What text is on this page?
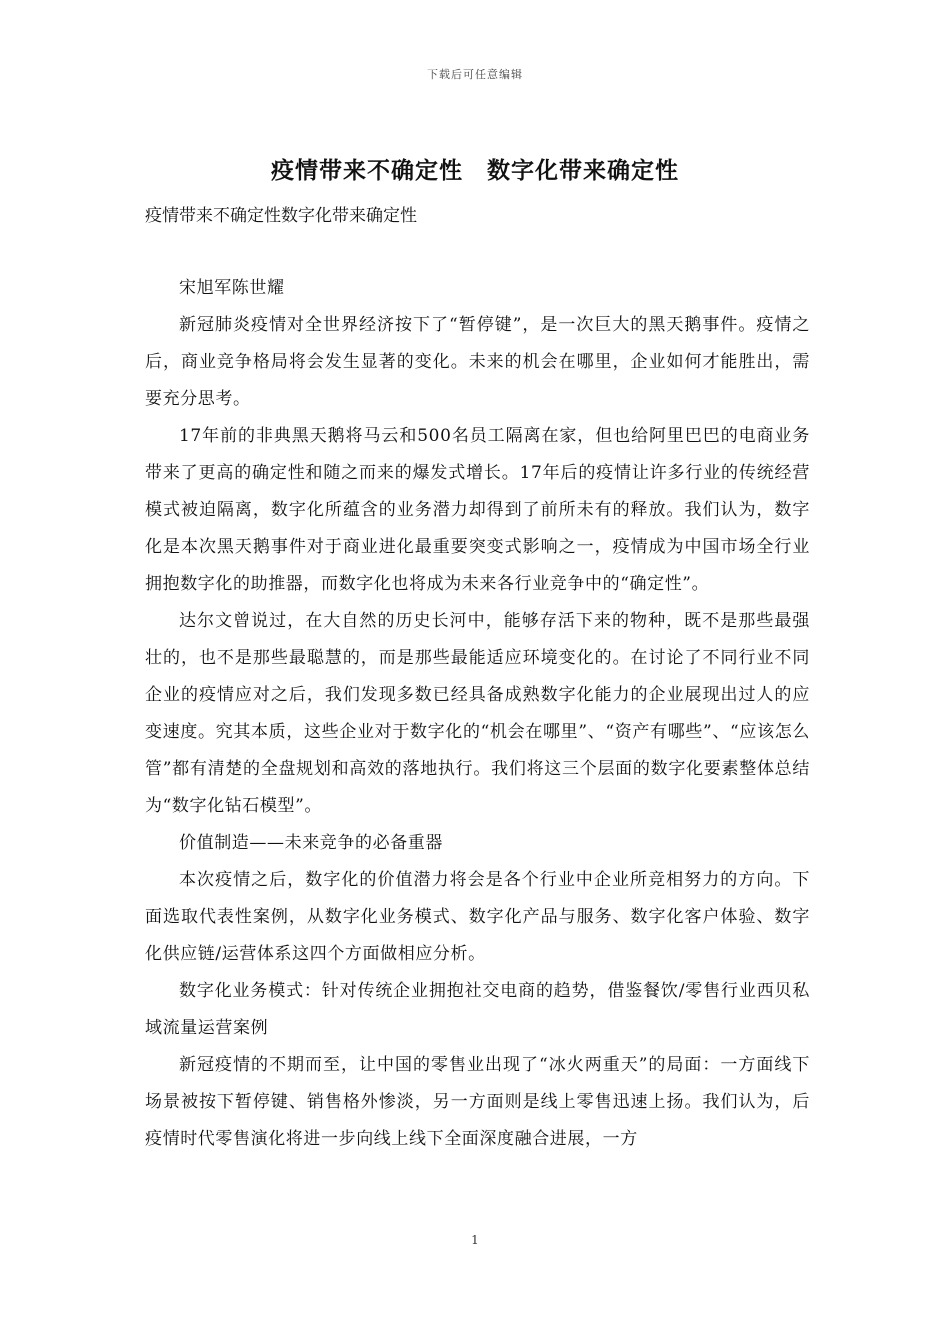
下载后可任意编辑
疫情带来不确定性　数字化带来确定性
疫情带来不确定性数字化带来确定性

宋旭军陈世耀

新冠肺炎疫情对全世界经济按下了“暂停键”，是一次巨大的黑天鹅事件。疫情之后，商业竞争格局将会发生显著的变化。未来的机会在哪里，企业如何才能胜出，需要充分思考。

17年前的非典黑天鹅将马云和500名员工隔离在家，但也给阿里巴巴的电商业务带来了更高的确定性和随之而来的爆发式增长。17年后的疫情让许多行业的传统经营模式被迫隔离，数字化所蕴含的业务潜力却得到了前所未有的释放。我们认为，数字化是本次黑天鹅事件对于商业进化最重要突变式影响之一，疫情成为中国市场全行业拥抱数字化的助推器，而数字化也将成为未来各行业竞争中的“确定性”。

达尔文曾说过，在大自然的历史长河中，能够存活下来的物种，既不是那些最强壮的，也不是那些最聪慧的，而是那些最能适应环境变化的。在讨论了不同行业不同企业的疫情应对之后，我们发现多数已经具备成熟数字化能力的企业展现出过人的应变速度。究其本质，这些企业对于数字化的“机会在哪里”、“资产有哪些”、“应该怎么管”都有清楚的全盘规划和高效的落地执行。我们将这三个层面的数字化要素整体总结为“数字化钻石模型”。

价值制造——未来竞争的必备重器

本次疫情之后，数字化的价值潜力将会是各个行业中企业所竞相努力的方向。下面选取代表性案例，从数字化业务模式、数字化产品与服务、数字化客户体验、数字化供应链/运营体系这四个方面做相应分析。

数字化业务模式：针对传统企业拥抱社交电商的趋势，借鉴餐饮/零售行业西贝私域流量运营案例

新冠疫情的不期而至，让中国的零售业出现了“冰火两重天”的局面：一方面线下场景被按下暂停键、销售格外惨淡，另一方面则是线上零售迅速上扬。我们认为，后疫情时代零售演化将进一步向线上线下全面深度融合进展，一方

1
